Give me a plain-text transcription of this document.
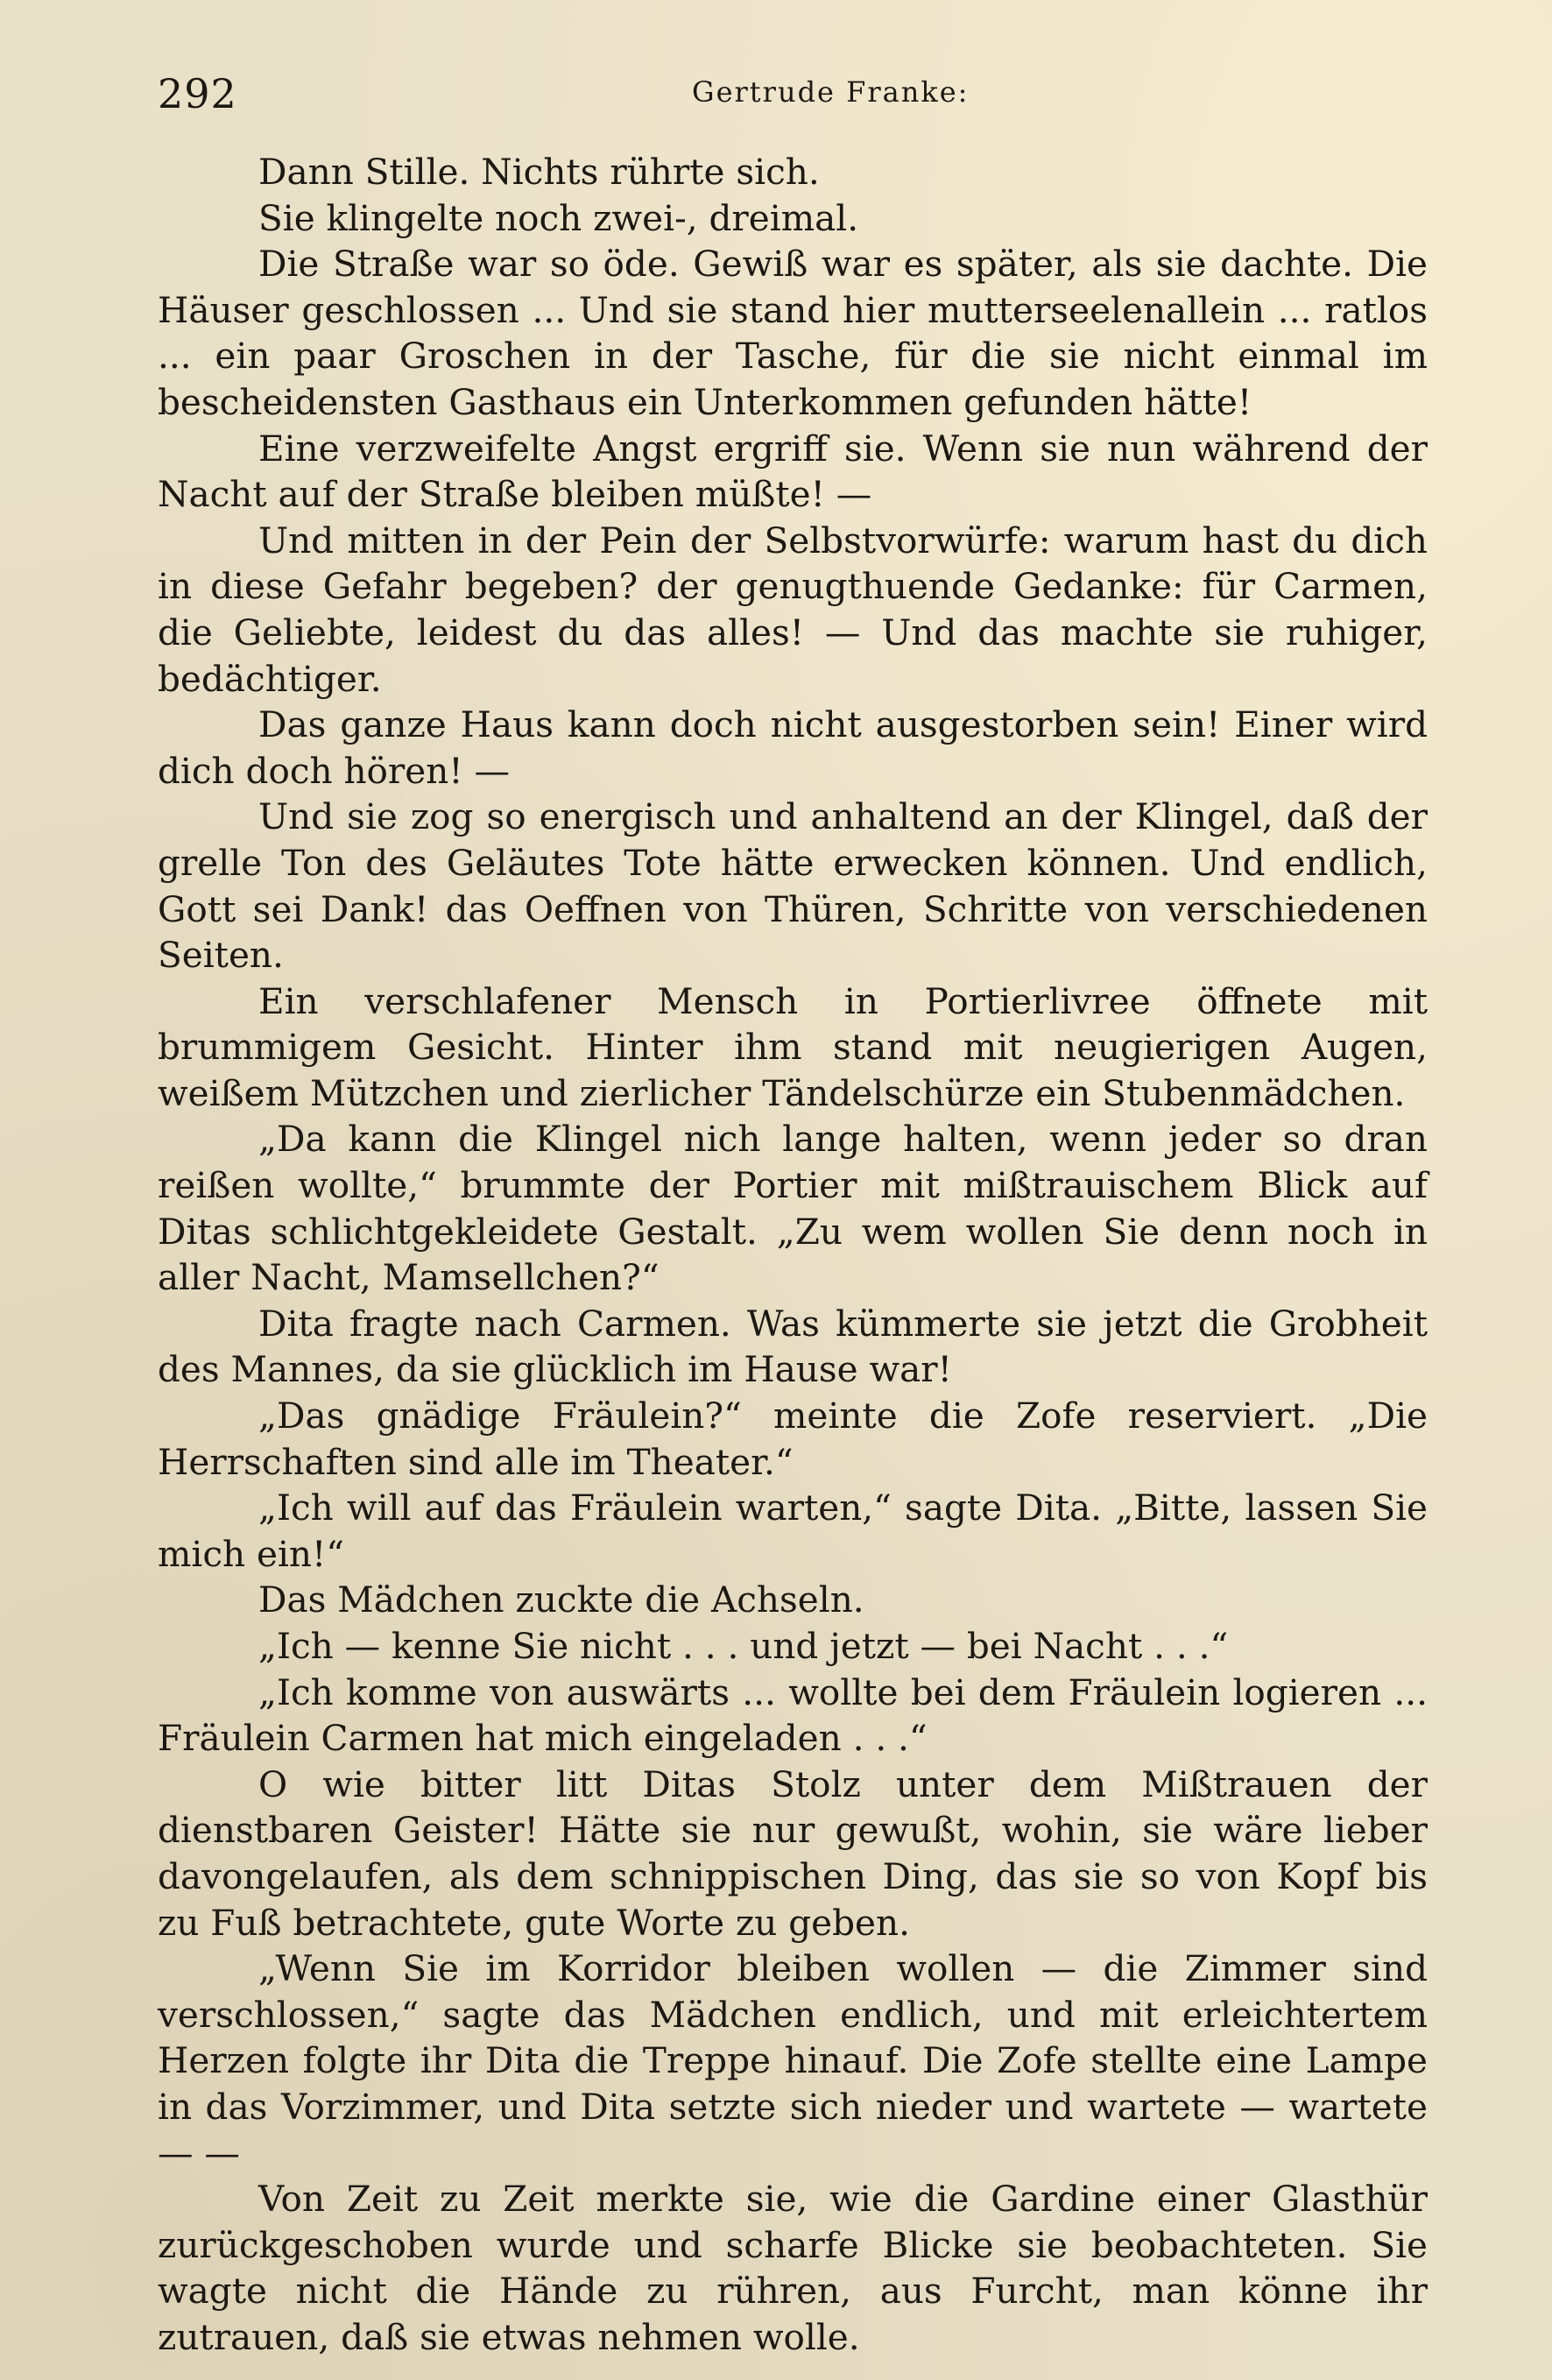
292	Gertrude Franke:

Dann Stille. Nichts rührte sich.

Sie klingelte noch zwei-, dreimal.

Die Straße war so öde. Gewiß war es später, als sie dachte. Die Häuser geschlossen ... Und sie stand hier mutterseelenallein ... ratlos ... ein paar Groschen in der Tasche, für die sie nicht einmal im bescheidensten Gasthaus ein Unterkommen gefunden hätte!

Eine verzweifelte Angst ergriff sie. Wenn sie nun während der Nacht auf der Straße bleiben müßte! —

Und mitten in der Pein der Selbstvorwürfe: warum hast du dich in diese Gefahr begeben? der genugthuende Gedanke: für Carmen, die Geliebte, leidest du das alles! — Und das machte sie ruhiger, bedächtiger.

Das ganze Haus kann doch nicht ausgestorben sein! Einer wird dich doch hören! —

Und sie zog so energisch und anhaltend an der Klingel, daß der grelle Ton des Geläutes Tote hätte erwecken können. Und endlich, Gott sei Dank! das Oeffnen von Thüren, Schritte von verschiedenen Seiten.

Ein verschlafener Mensch in Portierlivree öffnete mit brummigem Gesicht. Hinter ihm stand mit neugierigen Augen, weißem Mützchen und zierlicher Tändelschürze ein Stubenmädchen.

„Da kann die Klingel nich lange halten, wenn jeder so dran reißen wollte,“ brummte der Portier mit mißtrauischem Blick auf Ditas schlichtgekleidete Gestalt. „Zu wem wollen Sie denn noch in aller Nacht, Mamsellchen?“

Dita fragte nach Carmen. Was kümmerte sie jetzt die Grobheit des Mannes, da sie glücklich im Hause war!

„Das gnädige Fräulein?“ meinte die Zofe reserviert. „Die Herrschaften sind alle im Theater.“

„Ich will auf das Fräulein warten,“ sagte Dita. „Bitte, lassen Sie mich ein!“

Das Mädchen zuckte die Achseln.

„Ich — kenne Sie nicht . . . und jetzt — bei Nacht . . .“

„Ich komme von auswärts ... wollte bei dem Fräulein logieren ... Fräulein Carmen hat mich eingeladen . . .“

O wie bitter litt Ditas Stolz unter dem Mißtrauen der dienstbaren Geister! Hätte sie nur gewußt, wohin, sie wäre lieber davongelaufen, als dem schnippischen Ding, das sie so von Kopf bis zu Fuß betrachtete, gute Worte zu geben.

„Wenn Sie im Korridor bleiben wollen — die Zimmer sind verschlossen,“ sagte das Mädchen endlich, und mit erleichtertem Herzen folgte ihr Dita die Treppe hinauf. Die Zofe stellte eine Lampe in das Vorzimmer, und Dita setzte sich nieder und wartete — wartete — —

Von Zeit zu Zeit merkte sie, wie die Gardine einer Glasthür zurückgeschoben wurde und scharfe Blicke sie beobachteten. Sie wagte nicht die Hände zu rühren, aus Furcht, man könne ihr zutrauen, daß sie etwas nehmen wolle.
